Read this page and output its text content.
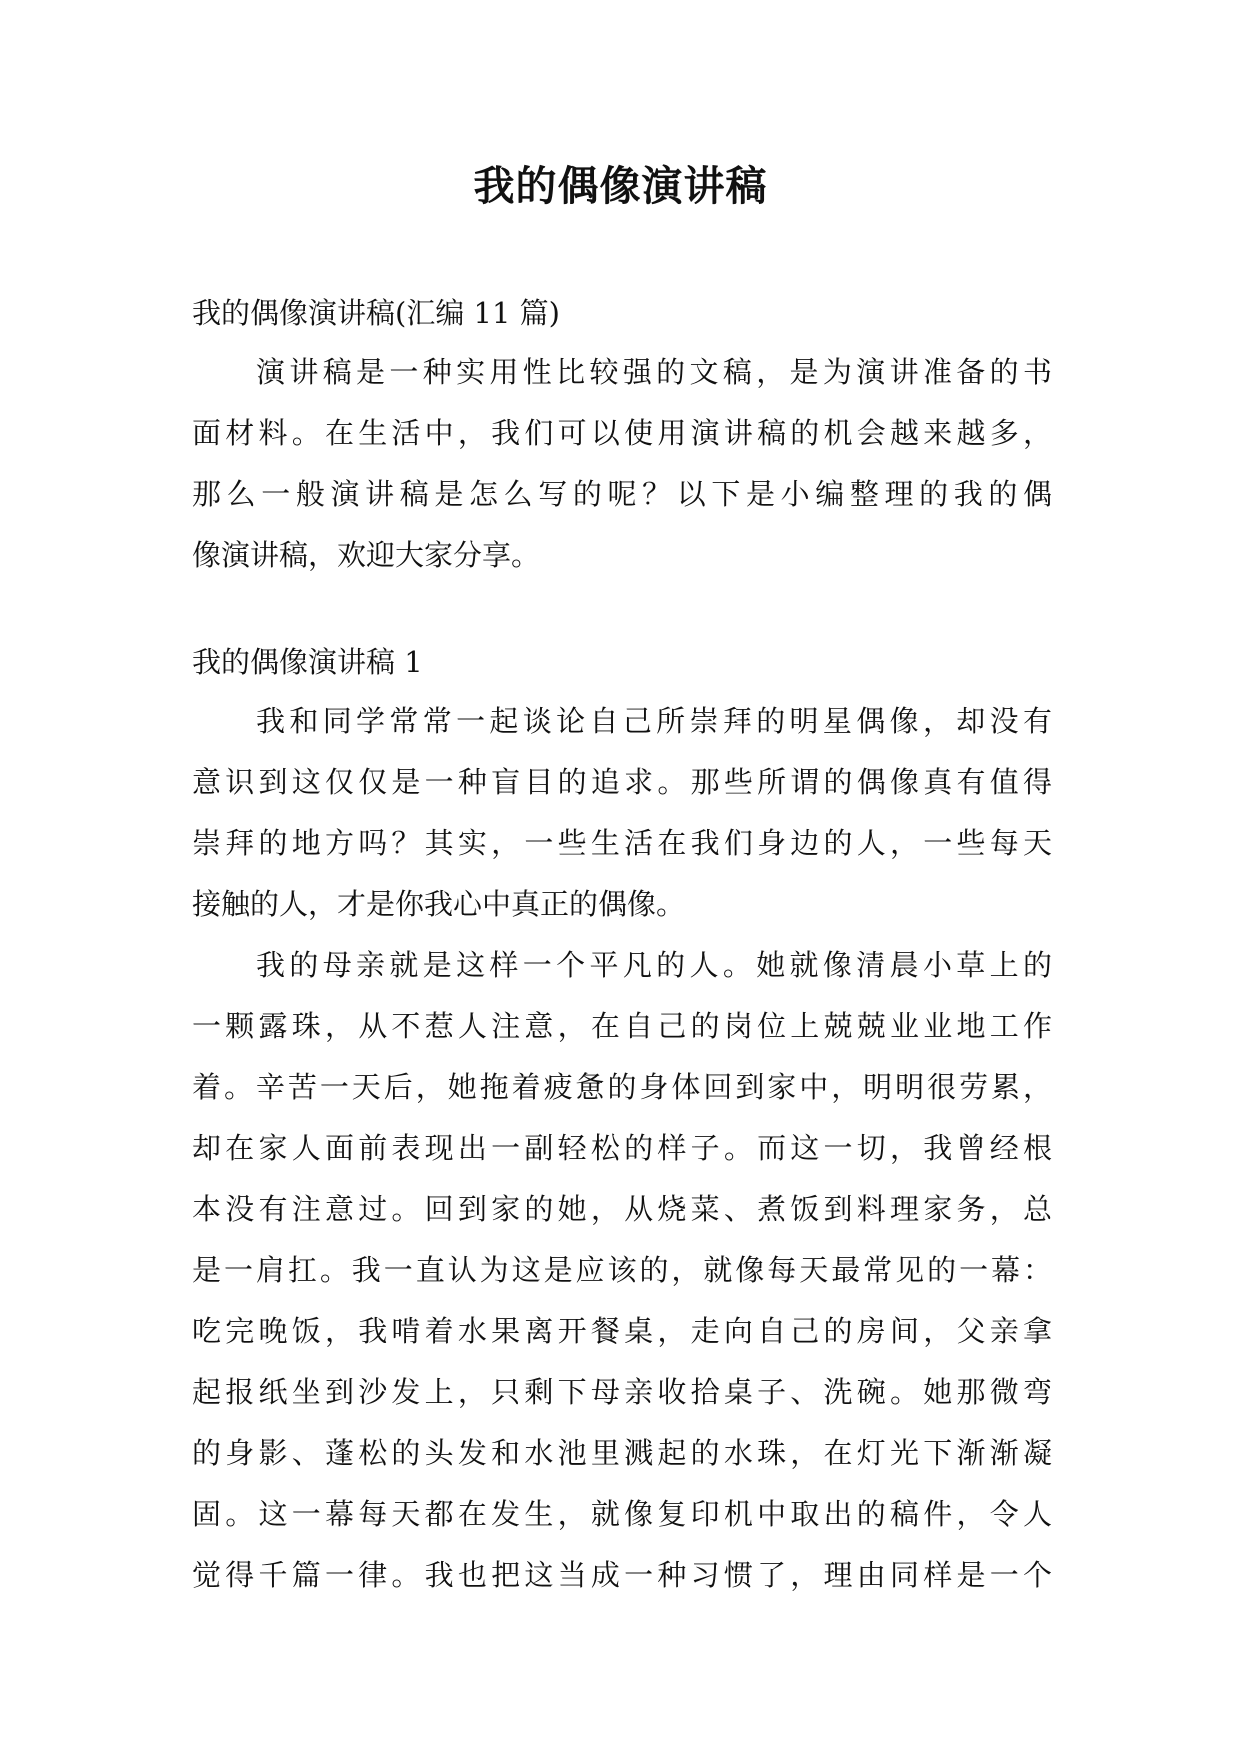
我的偶像演讲稿
我的偶像演讲稿(汇编 11 篇)
演讲稿是一种实用性比较强的文稿，是为演讲准备的书
面材料。在生活中，我们可以使用演讲稿的机会越来越多，
那么一般演讲稿是怎么写的呢？以下是小编整理的我的偶
像演讲稿，欢迎大家分享。
我的偶像演讲稿 1
我和同学常常一起谈论自己所崇拜的明星偶像，却没有
意识到这仅仅是一种盲目的追求。那些所谓的偶像真有值得
崇拜的地方吗？其实，一些生活在我们身边的人，一些每天
接触的人，才是你我心中真正的偶像。
我的母亲就是这样一个平凡的人。她就像清晨小草上的
一颗露珠，从不惹人注意，在自己的岗位上兢兢业业地工作
着。辛苦一天后，她拖着疲惫的身体回到家中，明明很劳累，
却在家人面前表现出一副轻松的样子。而这一切，我曾经根
本没有注意过。回到家的她，从烧菜、煮饭到料理家务，总
是一肩扛。我一直认为这是应该的，就像每天最常见的一幕：
吃完晚饭，我啃着水果离开餐桌，走向自己的房间，父亲拿
起报纸坐到沙发上，只剩下母亲收拾桌子、洗碗。她那微弯
的身影、蓬松的头发和水池里溅起的水珠，在灯光下渐渐凝
固。这一幕每天都在发生，就像复印机中取出的稿件，令人
觉得千篇一律。我也把这当成一种习惯了，理由同样是一个
